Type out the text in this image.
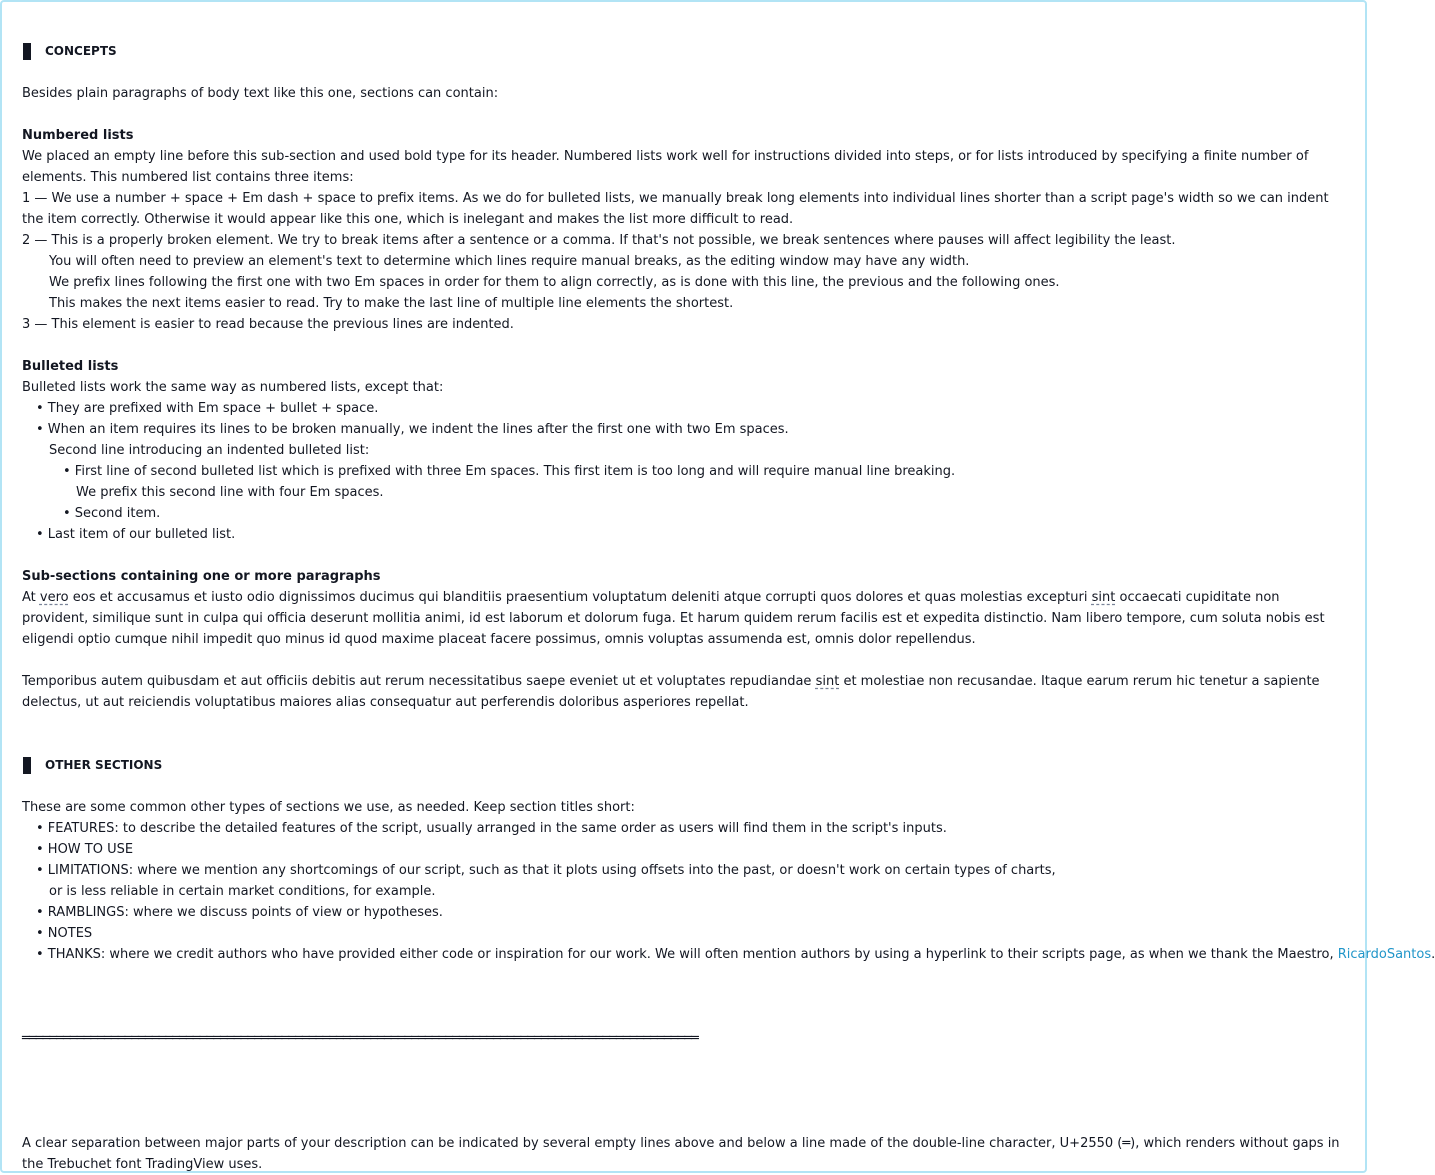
CONCEPTS

Besides plain paragraphs of body text like this one, sections can contain:

Numbered lists

We placed an empty line before this sub-section and used bold type for its header. Numbered lists work well for instructions divided into steps, or for lists introduced by specifying a finite number of elements. This numbered list contains three items:

1 — We use a number + space + Em dash + space to prefix items. As we do for bulleted lists, we manually break long elements into individual lines shorter than a script page's width so we can indent the item correctly. Otherwise it would appear like this one, which is inelegant and makes the list more difficult to read.

2 — This is a properly broken element. We try to break items after a sentence or a comma. If that's not possible, we break sentences where pauses will affect legibility the least.

You will often need to preview an element's text to determine which lines require manual breaks, as the editing window may have any width.

We prefix lines following the first one with two Em spaces in order for them to align correctly, as is done with this line, the previous and the following ones.

This makes the next items easier to read. Try to make the last line of multiple line elements the shortest.

3 — This element is easier to read because the previous lines are indented.

Bulleted lists

Bulleted lists work the same way as numbered lists, except that:

• They are prefixed with Em space + bullet + space.

• When an item requires its lines to be broken manually, we indent the lines after the first one with two Em spaces.

Second line introducing an indented bulleted list:

• First line of second bulleted list which is prefixed with three Em spaces. This first item is too long and will require manual line breaking.

We prefix this second line with four Em spaces.

• Second item.

• Last item of our bulleted list.

Sub-sections containing one or more paragraphs

At vero eos et accusamus et iusto odio dignissimos ducimus qui blanditiis praesentium voluptatum deleniti atque corrupti quos dolores et quas molestias excepturi sint occaecati cupiditate non provident, similique sunt in culpa qui officia deserunt mollitia animi, id est laborum et dolorum fuga. Et harum quidem rerum facilis est et expedita distinctio. Nam libero tempore, cum soluta nobis est eligendi optio cumque nihil impedit quo minus id quod maxime placeat facere possimus, omnis voluptas assumenda est, omnis dolor repellendus.

Temporibus autem quibusdam et aut officiis debitis aut rerum necessitatibus saepe eveniet ut et voluptates repudiandae sint et molestiae non recusandae. Itaque earum rerum hic tenetur a sapiente delectus, ut aut reiciendis voluptatibus maiores alias consequatur aut perferendis doloribus asperiores repellat.

OTHER SECTIONS

These are some common other types of sections we use, as needed. Keep section titles short:

• FEATURES: to describe the detailed features of the script, usually arranged in the same order as users will find them in the script's inputs.

• HOW TO USE

• LIMITATIONS: where we mention any shortcomings of our script, such as that it plots using offsets into the past, or doesn't work on certain types of charts,

or is less reliable in certain market conditions, for example.

• RAMBLINGS: where we discuss points of view or hypotheses.

• NOTES

• THANKS: where we credit authors who have provided either code or inspiration for our work. We will often mention authors by using a hyperlink to their scripts page, as when we thank the Maestro, RicardoSantos.

═══════════════════════════════════════════════════════════════════════════════════════════════════

A clear separation between major parts of your description can be indicated by several empty lines above and below a line made of the double-line character, U+2550 (═), which renders without gaps in the Trebuchet font TradingView uses.
